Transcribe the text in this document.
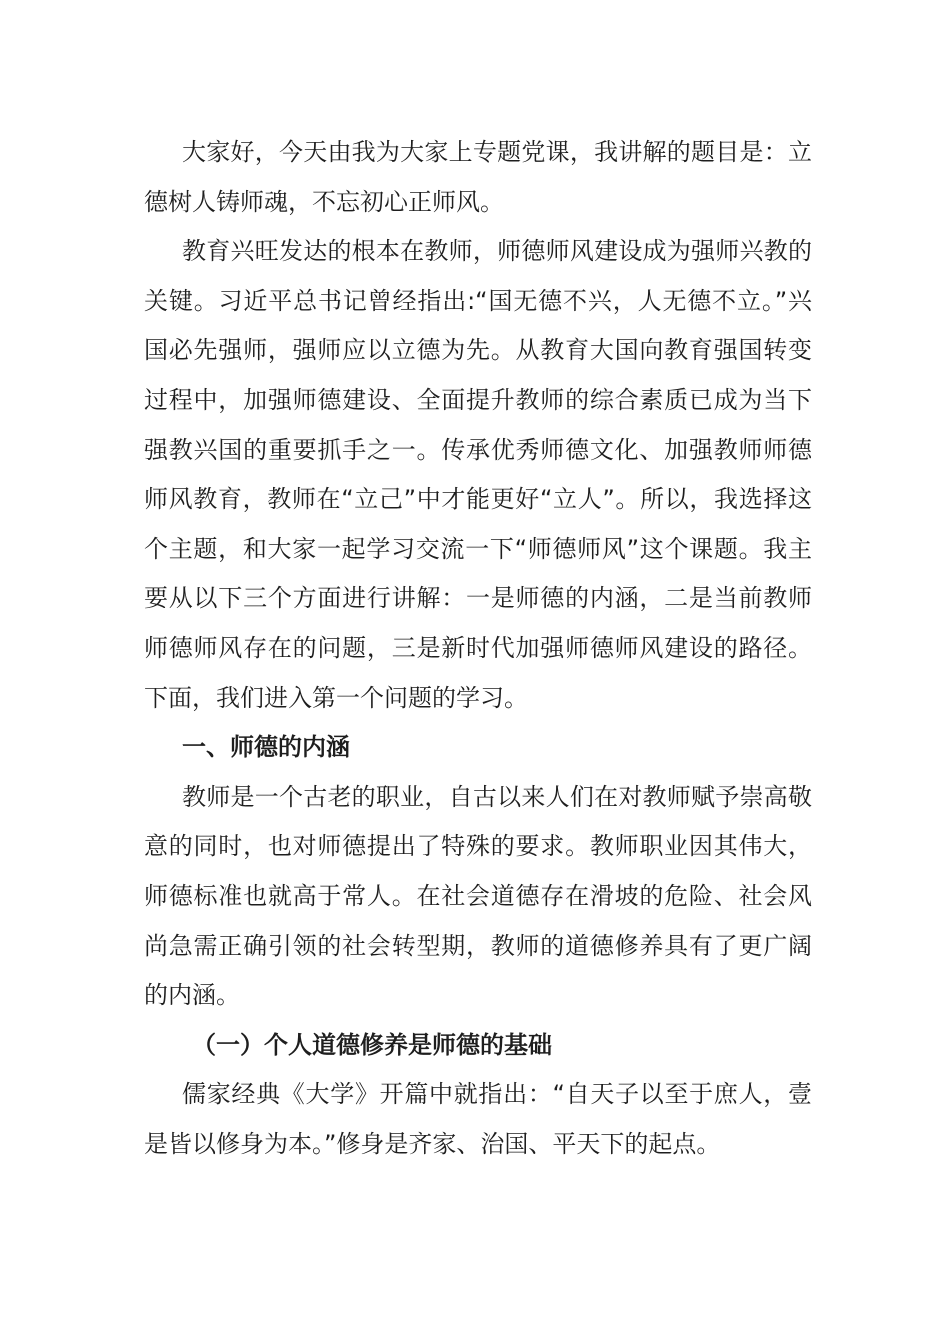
大家好，今天由我为大家上专题党课，我讲解的题目是：立德树人铸师魂，不忘初心正师风。

教育兴旺发达的根本在教师，师德师风建设成为强师兴教的关键。习近平总书记曾经指出:“国无德不兴，人无德不立。”兴国必先强师，强师应以立德为先。从教育大国向教育强国转变过程中，加强师德建设、全面提升教师的综合素质已成为当下强教兴国的重要抓手之一。传承优秀师德文化、加强教师师德师风教育，教师在“立己”中才能更好“立人”。所以，我选择这个主题，和大家一起学习交流一下“师德师风”这个课题。我主要从以下三个方面进行讲解：一是师德的内涵，二是当前教师师德师风存在的问题，三是新时代加强师德师风建设的路径。下面，我们进入第一个问题的学习。

一、师德的内涵

教师是一个古老的职业，自古以来人们在对教师赋予崇高敬意的同时，也对师德提出了特殊的要求。教师职业因其伟大，师德标准也就高于常人。在社会道德存在滑坡的危险、社会风尚急需正确引领的社会转型期，教师的道德修养具有了更广阔的内涵。

（一）个人道德修养是师德的基础

儒家经典《大学》开篇中就指出：“自天子以至于庶人，壹是皆以修身为本。”修身是齐家、治国、平天下的起点。
